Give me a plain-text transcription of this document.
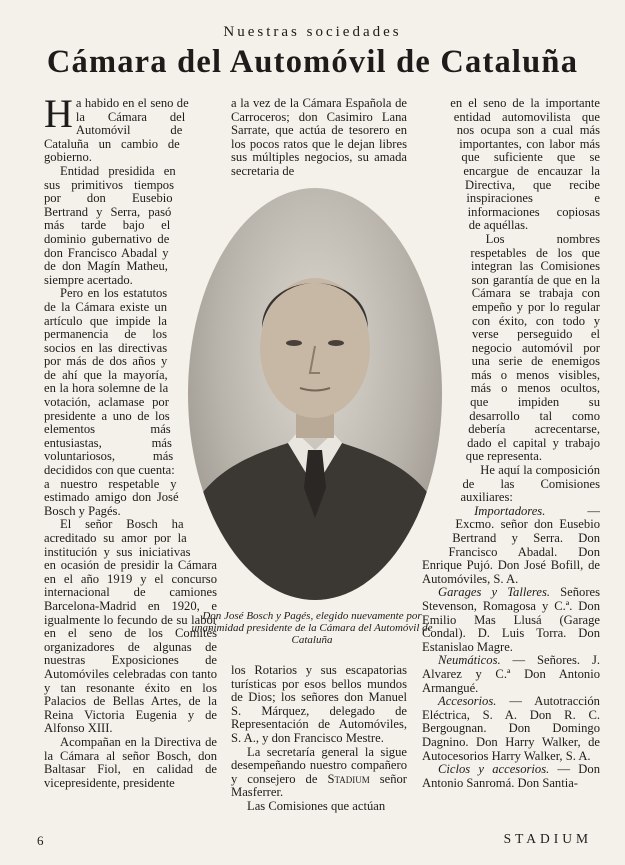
Nuestras sociedades
Cámara del Automóvil de Cataluña

Ha habido en el seno de la Cámara del Automóvil de Cataluña un cambio de gobierno.

Entidad presidida en sus primitivos tiempos por don Eusebio Bertrand y Serra, pasó más tarde bajo el dominio gubernativo de don Francisco Abadal y de don Magín Matheu, siempre acertado.

Pero en los estatutos de la Cámara existe un artículo que impide la permanencia de los socios en las directivas por más de dos años y de ahí que la mayoría, en la hora solemne de la votación, aclamase por presidente a uno de los elementos más entusiastas, más voluntariosos, más decididos con que cuenta: a nuestro respetable y estimado amigo don José Bosch y Pagés.

El señor Bosch ha acreditado su amor por la institución y sus iniciativas en ocasión de presidir la Cámara en el año 1919 y el concurso internacional de camiones Barcelona-Madrid en 1920, e igualmente lo fecundo de su labor en el seno de los Comités organizadores de algunas de nuestras Exposiciones de Automóviles celebradas con tanto y tan resonante éxito en los Palacios de Bellas Artes, de la Reina Victoria Eugenia y de Alfonso XIII.

Acompañan en la Directiva de la Cámara al señor Bosch, don Baltasar Fiol, en calidad de vicepresidente, presidente

a la vez de la Cámara Española de Carroceros; don Casimiro Lana Sarrate, que actúa de tesorero en los pocos ratos que le dejan libres sus múltiples negocios, su amada secretaria de

Don José Bosch y Pagés, elegido nuevamente por unanimidad presidente de la Cámara del Automóvil de Cataluña

los Rotarios y sus escapatorias turísticas por esos bellos mundos de Dios; los señores don Manuel S. Márquez, delegado de Representación de Automóviles, S. A., y don Francisco Mestre.

La secretaría general la sigue desempeñando nuestro compañero y consejero de Stadium señor Masferrer.

Las Comisiones que actúan

en el seno de la importante entidad automovilista que nos ocupa son a cual más importantes, con labor más que suficiente que se encargue de encauzar la Directiva, que recibe inspiraciones e informaciones copiosas de aquéllas.

Los nombres respetables de los que integran las Comisiones son garantía de que en la Cámara se trabaja con empeño y por lo regular con éxito, con todo y verse perseguido el negocio automóvil por una serie de enemigos más o menos visibles, más o menos ocultos, que impiden su desarrollo tal como debería acrecentarse, dado el capital y trabajo que representa.

He aquí la composición de las Comisiones auxiliares:

Importadores.	— Excmo. señor don Eusebio Bertrand y Serra. Don Francisco Abadal. Don Enrique Pujó. Don José Bofill, de Automóviles, S. A.

Garages y Talleres. Señores Stevenson, Romagosa y C.ª. Don Emilio Mas Llusá (Garage Condal). D. Luis Torra. Don Estanislao Magre.

Neumáticos. — Señores. J. Alvarez y C.ª Don Antonio Armangué.

Accesorios. — Autotracción Eléctrica, S. A. Don R. C. Bergougnan. Don Domingo Dagnino. Don Harry Walker, de Autocesorios Harry Walker, S. A.

Ciclos y accesorios. — Don Antonio Sanromá. Don Santia-

6	STADIUM
